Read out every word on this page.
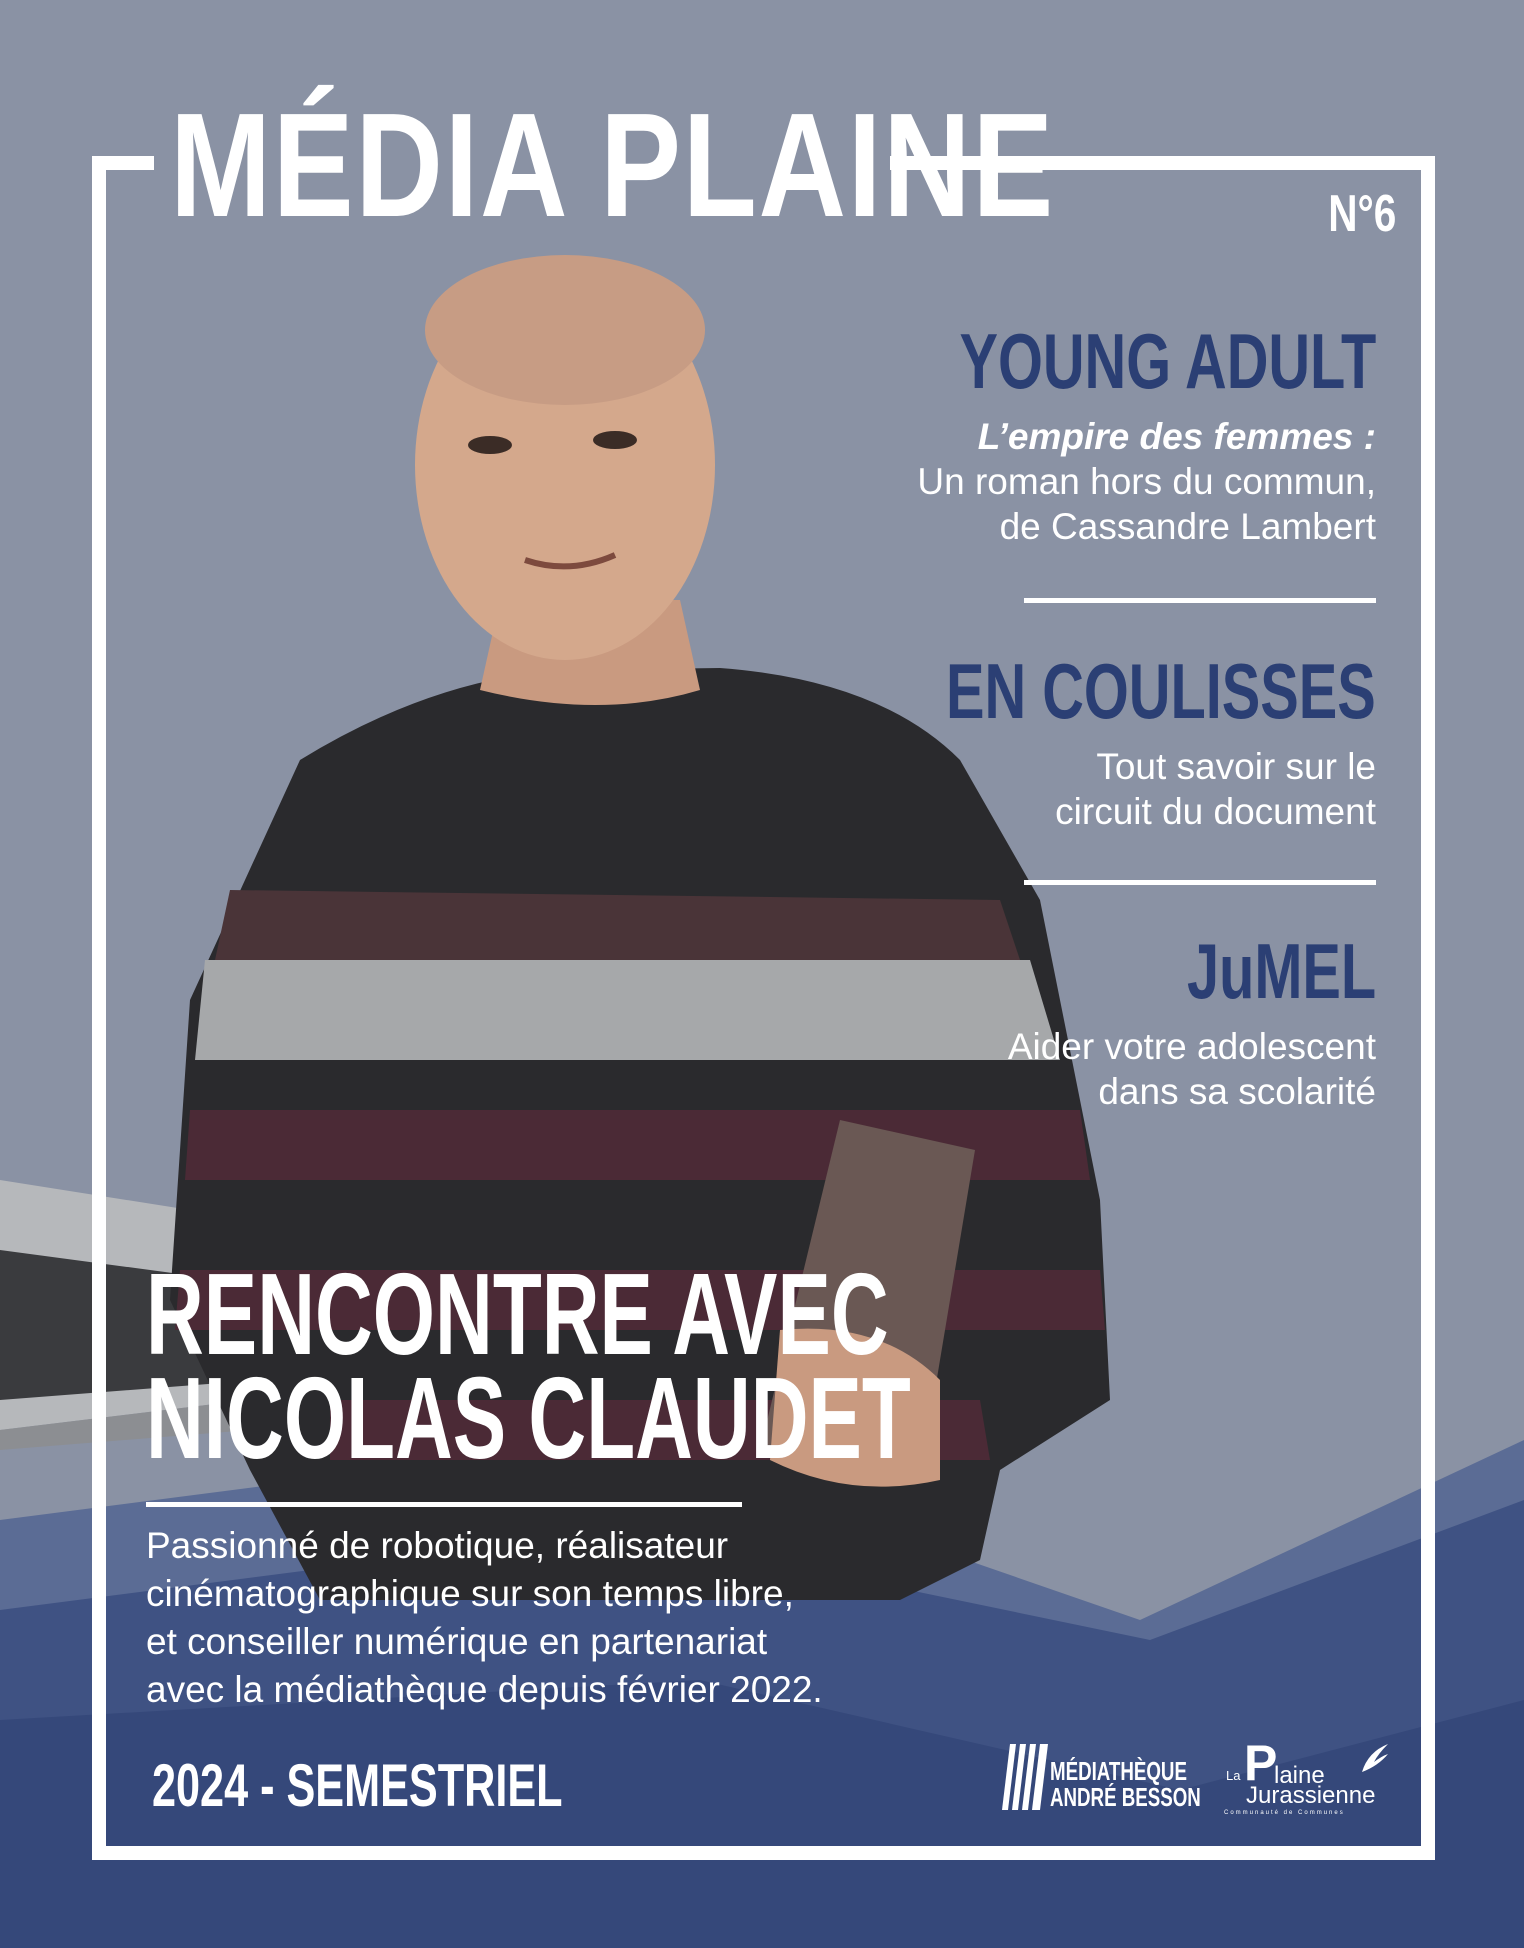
MÉDIA PLAINE	N°6
YOUNG ADULT
L’empire des femmes :
Un roman hors du commun,
de Cassandre Lambert
EN COULISSES
Tout savoir sur le
circuit du document
JuMEL
Aider votre adolescent
dans sa scolarité
RENCONTRE AVEC
NICOLAS CLAUDET
Passionné de robotique, réalisateur
cinématographique sur son temps libre,
et conseiller numérique en partenariat
avec la médiathèque depuis février 2022.
2024 - SEMESTRIEL	MÉDIATHÈQUE
ANDRÉ BESSON
La P
laine
Jurassienne
Communauté de Communes
